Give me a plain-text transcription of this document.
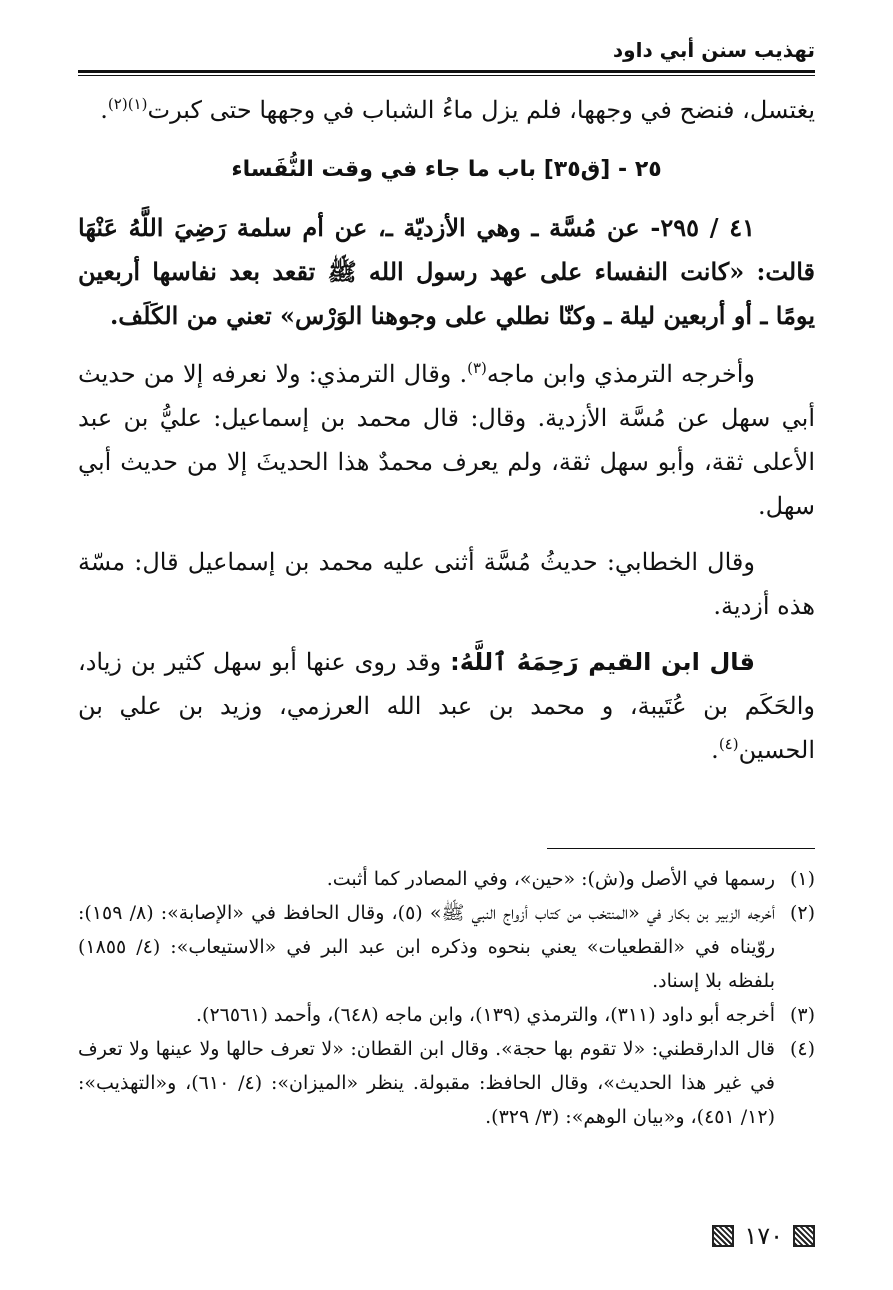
تهذيب سنن أبي داود

يغتسل، فنضح في وجهها، فلم يزل ماءُ الشباب في وجهها حتى كبرت$^{(١)(٢)}$.

٢٥ - [ق٣٥] باب ما جاء في وقت النُّفَساء

٤١ / ٢٩٥- عن مُسَّة ـ وهي الأزديّة ـ، عن أم سلمة رَضِيَ اللَّهُ عَنْهَا قالت: «كانت النفساء على عهد رسول الله ﷺ تقعد بعد نفاسها أربعين يومًا ـ أو أربعين ليلة ـ وكنّا نطلي على وجوهنا الوَرْس» تعني من الكَلَف.

وأخرجه الترمذي وابن ماجه$^{(٣)}$. وقال الترمذي: ولا نعرفه إلا من حديث أبي سهل عن مُسَّة الأزدية. وقال: قال محمد بن إسماعيل: عليُّ بن عبد الأعلى ثقة، وأبو سهل ثقة، ولم يعرف محمدٌ هذا الحديثَ إلا من حديث أبي سهل.

وقال الخطابي: حديثُ مُسَّة أثنى عليه محمد بن إسماعيل قال: مسّة هذه أزدية.

قال ابن القيم رَحِمَهُ ٱللَّهُ: وقد روى عنها أبو سهل كثير بن زياد، والحَكَم بن عُتَيبة، و محمد بن عبد الله العرزمي، وزيد بن علي بن الحسين$^{(٤)}$.

(١)
رسمها في الأصل و(ش): «حين»، وفي المصادر كما أثبت.
(٢)
أخرجه الزبير بن بكار في «المنتخب من كتاب أزواج النبي ﷺ» (٥)، وقال الحافظ في «الإصابة»: (٨/ ١٥٩): روّيناه في «القطعيات» يعني بنحوه وذكره ابن عبد البر في «الاستيعاب»: (٤/ ١٨٥٥) بلفظه بلا إسناد.
(٣)
أخرجه أبو داود (٣١١)، والترمذي (١٣٩)، وابن ماجه (٦٤٨)، وأحمد (٢٦٥٦١).
(٤)
قال الدارقطني: «لا تقوم بها حجة». وقال ابن القطان: «لا تعرف حالها ولا عينها ولا تعرف في غير هذا الحديث»، وقال الحافظ: مقبولة. ينظر «الميزان»: (٤/ ٦١٠)، و«التهذيب»: (١٢/ ٤٥١)، و«بيان الوهم»: (٣/ ٣٢٩).
١٧٠
